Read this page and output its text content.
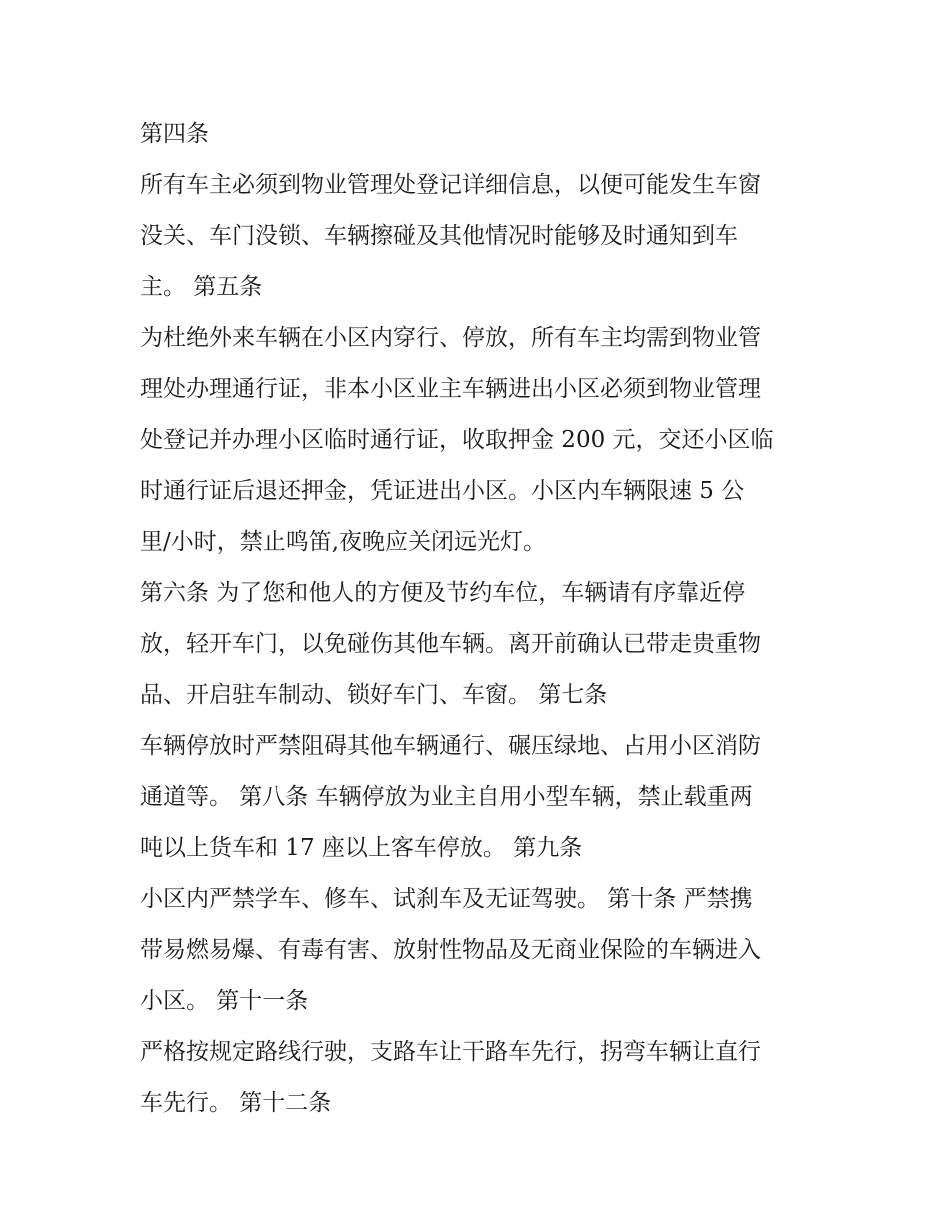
第四条
所有车主必须到物业管理处登记详细信息，以便可能发生车窗
没关、车门没锁、车辆擦碰及其他情况时能够及时通知到车
主。 第五条
为杜绝外来车辆在小区内穿行、停放，所有车主均需到物业管
理处办理通行证，非本小区业主车辆进出小区必须到物业管理
处登记并办理小区临时通行证，收取押金 200 元，交还小区临
时通行证后退还押金，凭证进出小区。小区内车辆限速 5 公
里/小时，禁止鸣笛,夜晚应关闭远光灯。
第六条 为了您和他人的方便及节约车位，车辆请有序靠近停
放，轻开车门，以免碰伤其他车辆。离开前确认已带走贵重物
品、开启驻车制动、锁好车门、车窗。 第七条
车辆停放时严禁阻碍其他车辆通行、碾压绿地、占用小区消防
通道等。 第八条 车辆停放为业主自用小型车辆，禁止载重两
吨以上货车和 17 座以上客车停放。 第九条
小区内严禁学车、修车、试刹车及无证驾驶。 第十条 严禁携
带易燃易爆、有毒有害、放射性物品及无商业保险的车辆进入
小区。 第十一条
严格按规定路线行驶，支路车让干路车先行，拐弯车辆让直行
车先行。 第十二条
